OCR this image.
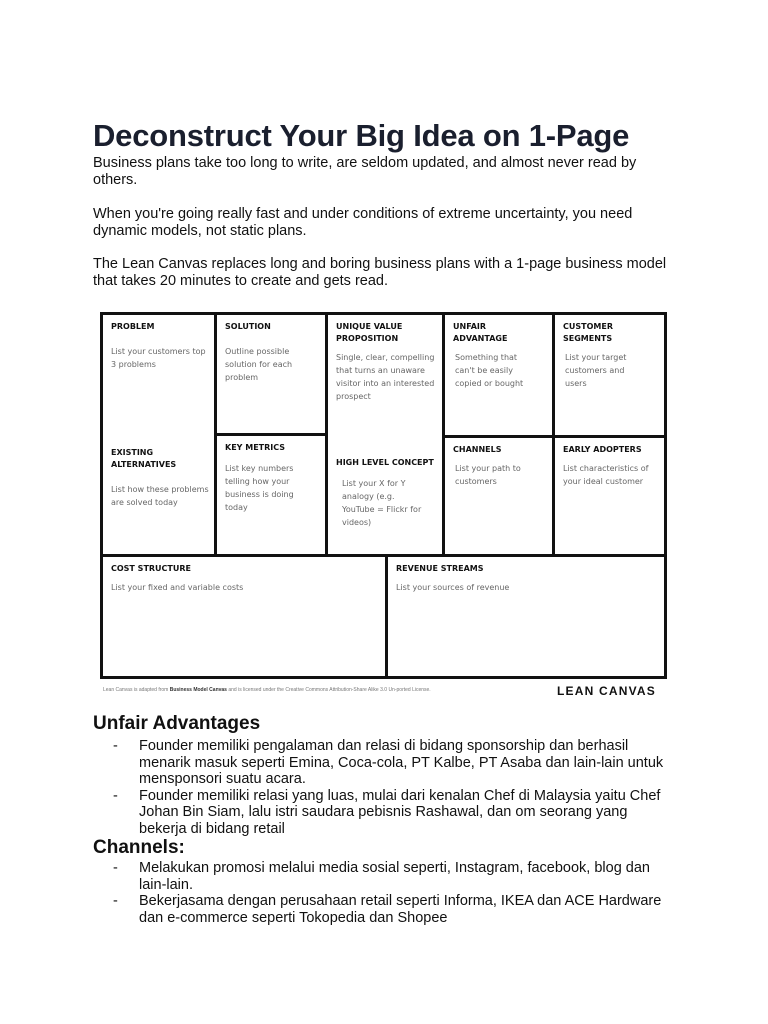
Deconstruct Your Big Idea on 1-Page

Business plans take too long to write, are seldom updated, and almost never read by others.

When you're going really fast and under conditions of extreme uncertainty, you need dynamic models, not static plans.

The Lean Canvas replaces long and boring business plans with a 1-page business model that takes 20 minutes to create and gets read.

PROBLEM
List your customers top 3 problems
EXISTING ALTERNATIVES
List how these problems are solved today
SOLUTION
Outline possible solution for each problem
KEY METRICS
List key numbers telling how your business is doing today
UNIQUE VALUE PROPOSITION
Single, clear, compelling that turns an unaware visitor into an interested prospect
HIGH LEVEL CONCEPT
List your X for Y analogy (e.g. YouTube = Flickr for videos)
UNFAIR ADVANTAGE
Something that can't be easily copied or bought
CHANNELS
List your path to customers
CUSTOMER SEGMENTS
List your target customers and users
EARLY ADOPTERS
List characteristics of your ideal customer
COST STRUCTURE
List your fixed and variable costs
REVENUE STREAMS
List your sources of revenue
Lean Canvas is adapted from Business Model Canvas and is licensed under the Creative Commons Attribution-Share Alike 3.0 Un-ported License.	LEAN CANVAS
Unfair Advantages
- Founder memiliki pengalaman dan relasi di bidang sponsorship dan berhasil menarik masuk seperti Emina, Coca-cola, PT Kalbe, PT Asaba dan lain-lain untuk mensponsori suatu acara.
- Founder memiliki relasi yang luas, mulai dari kenalan Chef di Malaysia yaitu Chef Johan Bin Siam, lalu istri saudara pebisnis Rashawal, dan om seorang yang bekerja di bidang retail
Channels:
- Melakukan promosi melalui media sosial seperti, Instagram, facebook, blog dan lain-lain.
- Bekerjasama dengan perusahaan retail seperti Informa, IKEA dan ACE Hardware dan e-commerce seperti Tokopedia dan Shopee
